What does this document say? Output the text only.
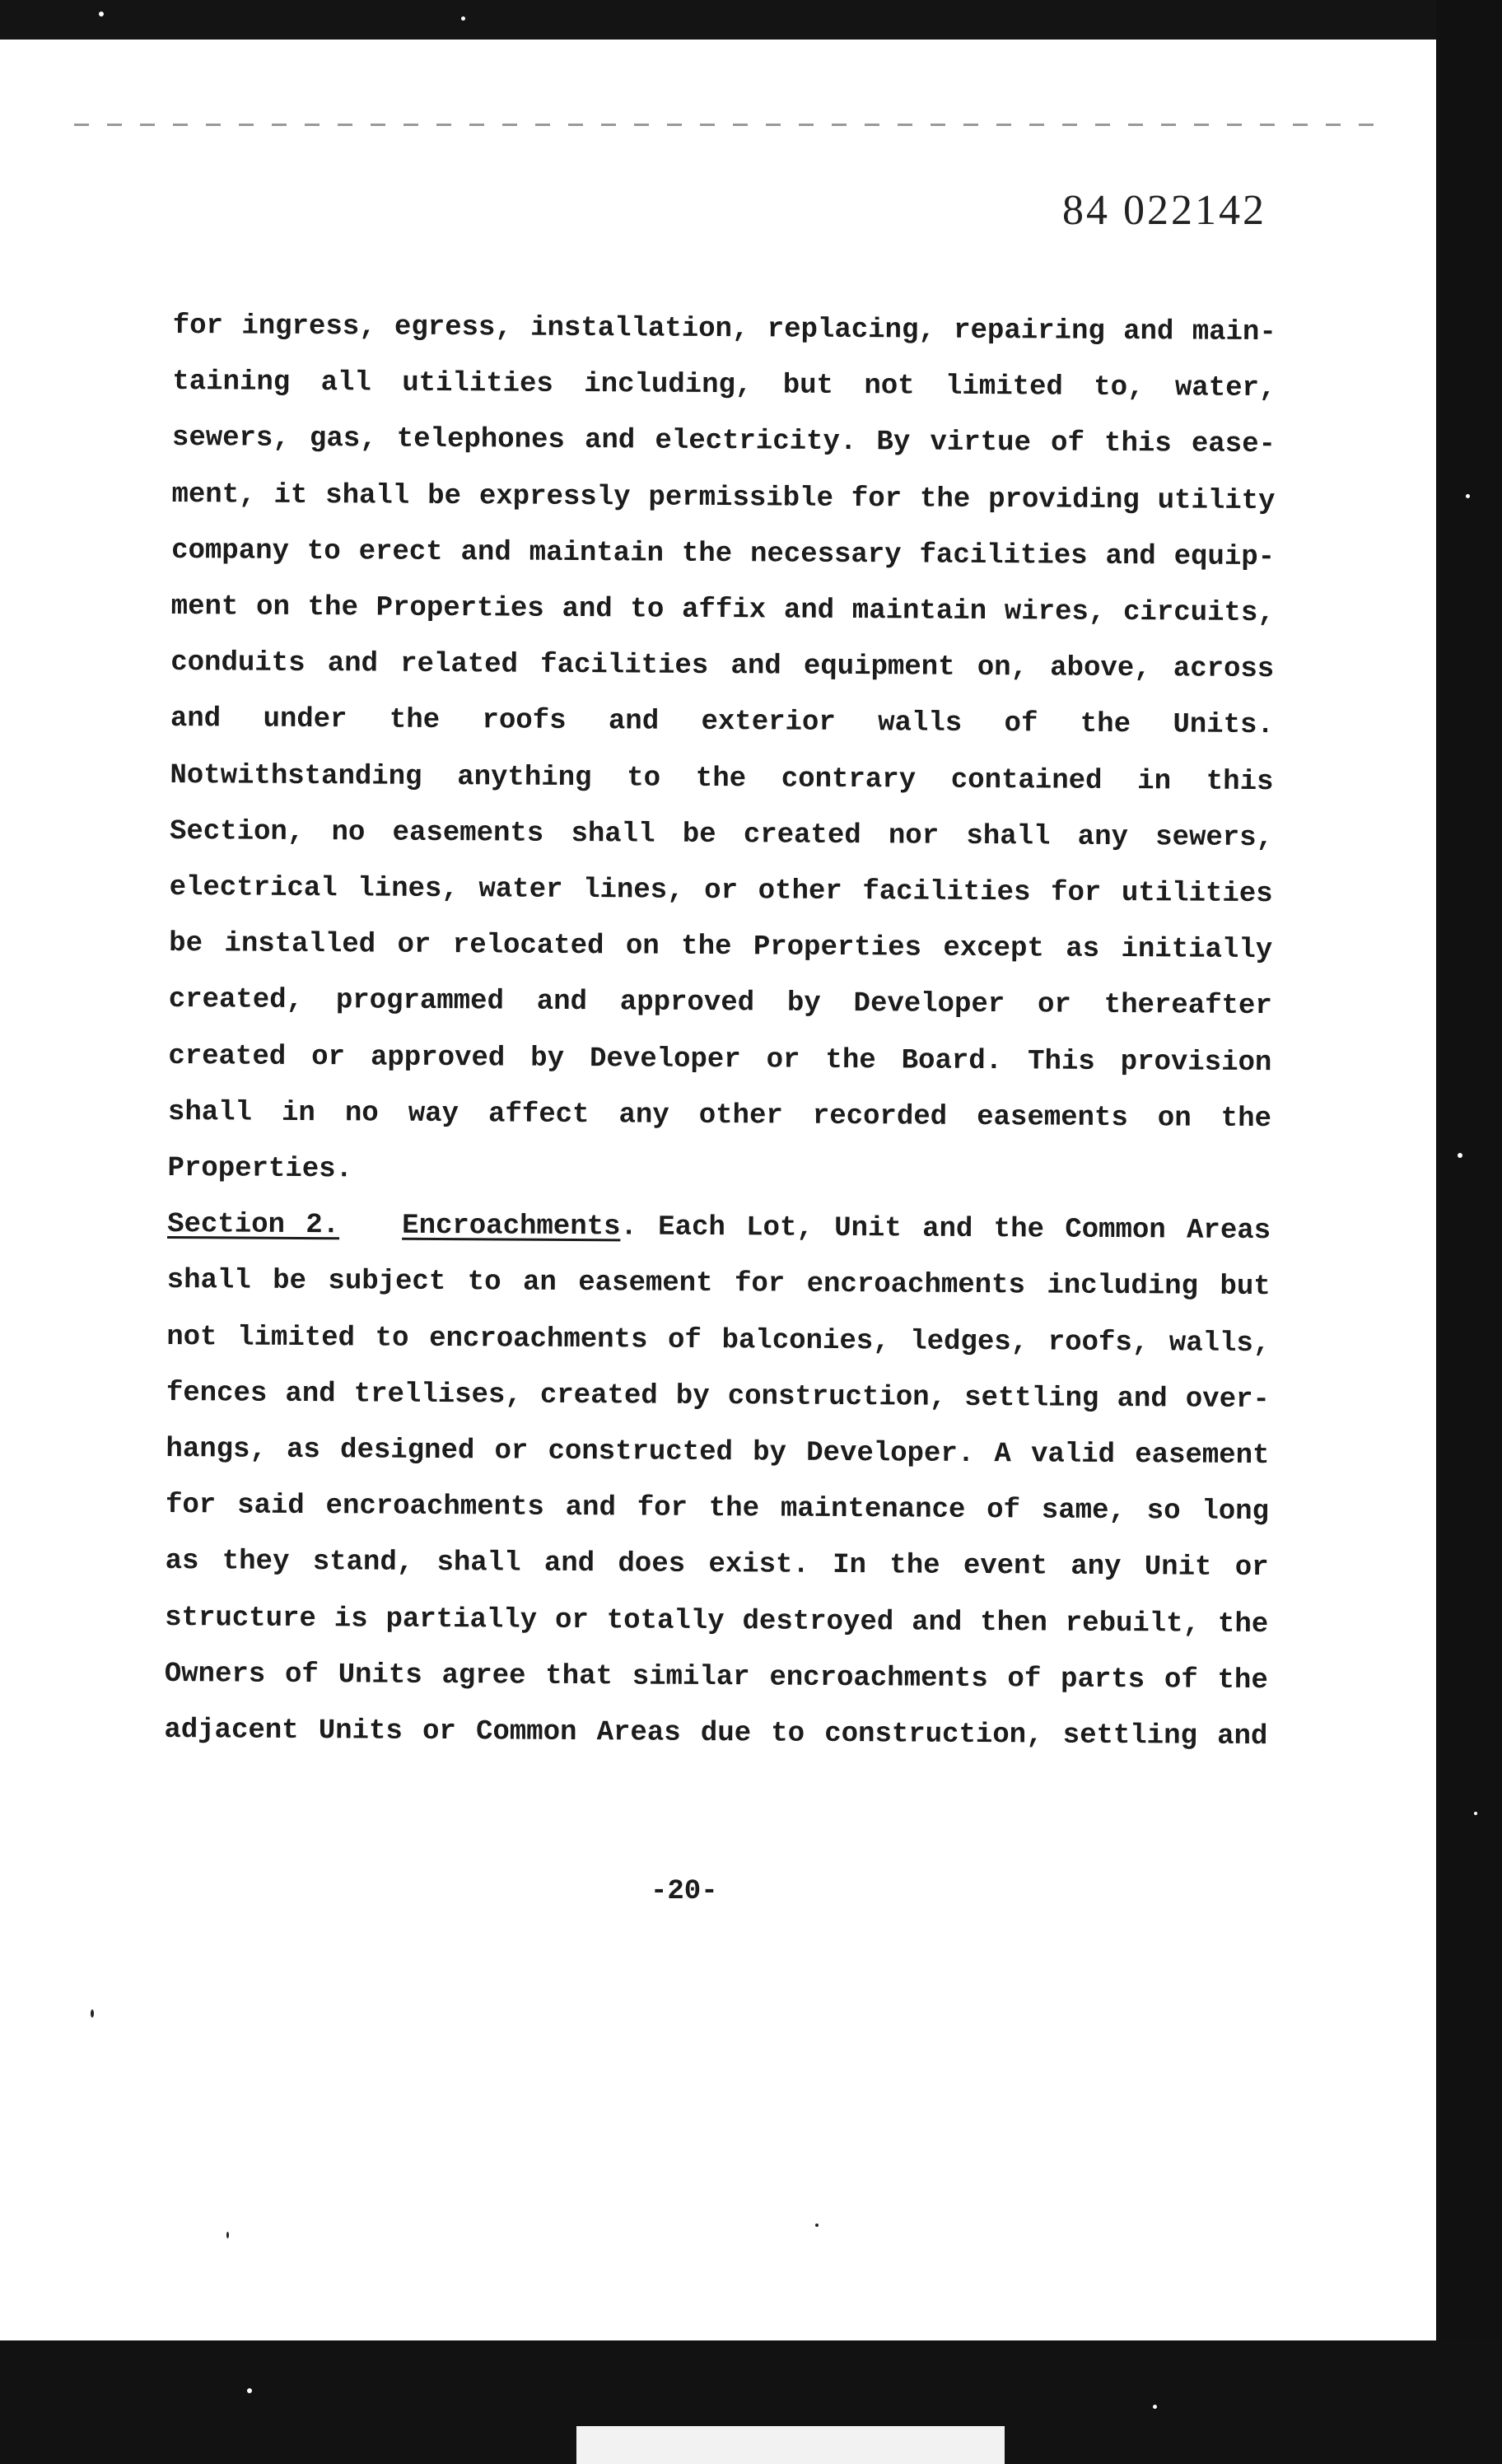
84 022142
for ingress, egress, installation, replacing, repairing and main-
taining all utilities including, but not limited to, water,
sewers, gas, telephones and electricity. By virtue of this ease-
ment, it shall be expressly permissible for the providing utility
company to erect and maintain the necessary facilities and equip-
ment on the Properties and to affix and maintain wires, circuits,
conduits and related facilities and equipment on, above, across
and under the roofs and exterior walls of the Units.
Notwithstanding anything to the contrary contained in this
Section, no easements shall be created nor shall any sewers,
electrical lines, water lines, or other facilities for utilities
be installed or relocated on the Properties except as initially
created, programmed and approved by Developer or thereafter
created or approved by Developer or the Board. This provision
shall in no way affect any other recorded easements on the
Properties.
Section 2. Encroachments. Each Lot, Unit and the Common Areas
shall be subject to an easement for encroachments including but
not limited to encroachments of balconies, ledges, roofs, walls,
fences and trellises, created by construction, settling and over-
hangs, as designed or constructed by Developer. A valid easement
for said encroachments and for the maintenance of same, so long
as they stand, shall and does exist. In the event any Unit or
structure is partially or totally destroyed and then rebuilt, the
Owners of Units agree that similar encroachments of parts of the
adjacent Units or Common Areas due to construction, settling and
-20-
